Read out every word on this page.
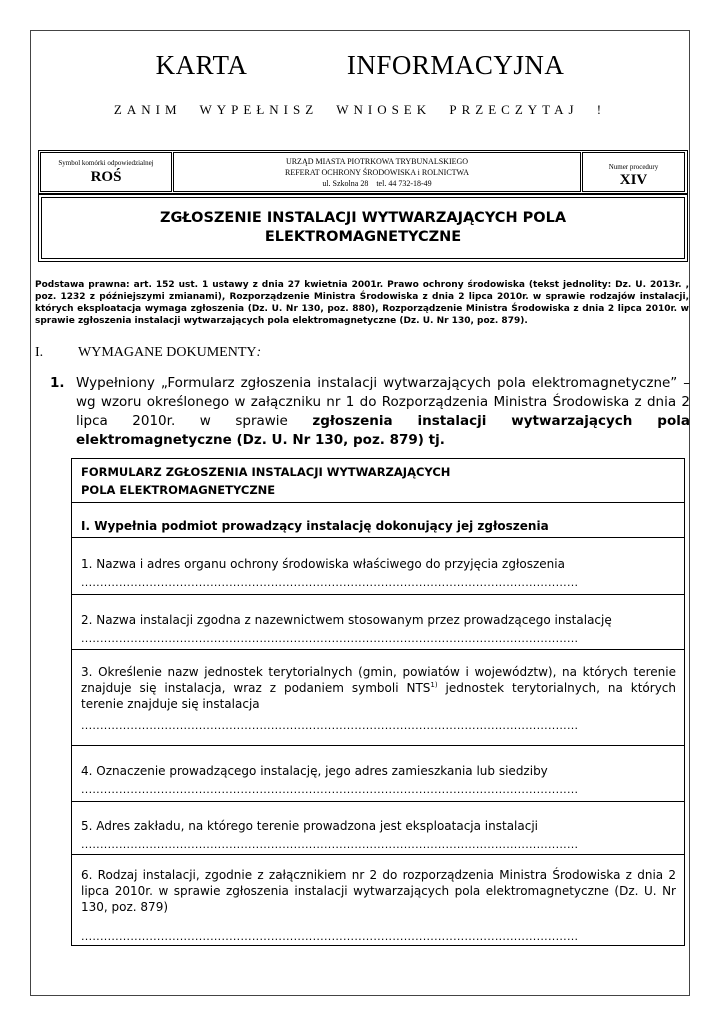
KARTA    INFORMACYJNA
ZANIM WYPEŁNISZ WNIOSEK PRZECZYTAJ !
Symbol komórki odpowiedzialnej
ROŚ
URZĄD MIASTA PIOTRKOWA TRYBUNALSKIEGO
REFERAT OCHRONY ŚRODOWISKA i ROLNICTWA
ul. Szkolna 28    tel. 44 732-18-49
Numer procedury
XIV
ZGŁOSZENIE INSTALACJI WYTWARZAJĄCYCH POLA ELEKTROMAGNETYCZNE
Podstawa prawna: art. 152 ust. 1 ustawy z dnia 27 kwietnia 2001r. Prawo ochrony środowiska (tekst jednolity: Dz. U. 2013r. , poz. 1232 z późniejszymi zmianami), Rozporządzenie Ministra Środowiska z dnia 2 lipca 2010r. w sprawie rodzajów instalacji, których eksploatacja wymaga zgłoszenia (Dz. U. Nr 130, poz. 880), Rozporządzenie Ministra Środowiska z dnia 2 lipca 2010r. w sprawie zgłoszenia instalacji wytwarzających pola elektromagnetyczne (Dz. U. Nr 130, poz. 879).
I. WYMAGANE DOKUMENTY:
1. Wypełniony „Formularz zgłoszenia instalacji wytwarzających pola elektromagnetyczne” – wg wzoru określonego w załączniku nr 1 do Rozporządzenia Ministra Środowiska z dnia 2 lipca 2010r. w sprawie zgłoszenia instalacji wytwarzających pola elektromagnetyczne (Dz. U. Nr 130, poz. 879) tj.
FORMULARZ ZGŁOSZENIA INSTALACJI WYTWARZAJĄCYCH
POLA ELEKTROMAGNETYCZNE
I. Wypełnia podmiot prowadzący instalację dokonujący jej zgłoszenia
1. Nazwa i adres organu ochrony środowiska właściwego do przyjęcia zgłoszenia
...................................................................................................................................
2. Nazwa instalacji zgodna z nazewnictwem stosowanym przez prowadzącego instalację
...................................................................................................................................
3. Określenie nazw jednostek terytorialnych (gmin, powiatów i województw), na których terenie znajduje się instalacja, wraz z podaniem symboli NTS$^{1)}$ jednostek terytorialnych, na których terenie znajduje się instalacja
...................................................................................................................................
4. Oznaczenie prowadzącego instalację, jego adres zamieszkania lub siedziby
...................................................................................................................................
5. Adres zakładu, na którego terenie prowadzona jest eksploatacja instalacji
...................................................................................................................................
6. Rodzaj instalacji, zgodnie z załącznikiem nr 2 do rozporządzenia Ministra Środowiska z dnia 2 lipca 2010r. w sprawie zgłoszenia instalacji wytwarzających pola elektromagnetyczne (Dz. U. Nr 130, poz. 879)
...................................................................................................................................
